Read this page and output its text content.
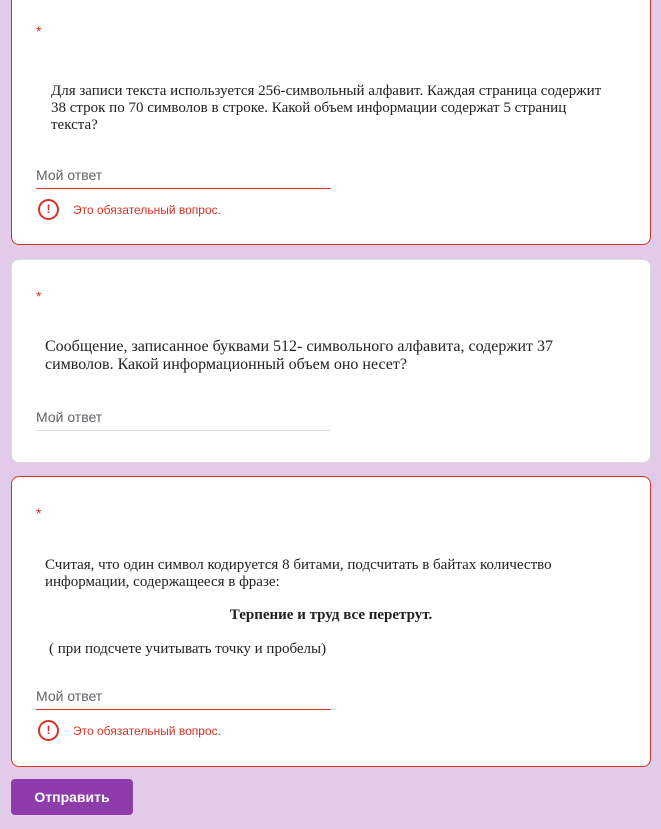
*
Для записи текста используется 256-символьный алфавит. Каждая страница содержит 38 строк по 70 символов в строке. Какой объем информации содержат 5 страниц текста?
Мой ответ
!	Это обязательный вопрос.
*
Сообщение, записанное буквами 512- символьного алфавита, содержит 37 символов. Какой информационный объем оно несет?
Мой ответ
*
Считая, что один символ кодируется 8 битами, подсчитать в байтах количество информации, содержащееся в фразе:
Терпение и труд все перетрут.
( при подсчете учитывать точку и пробелы)
Мой ответ
!	Это обязательный вопрос.
Отправить
